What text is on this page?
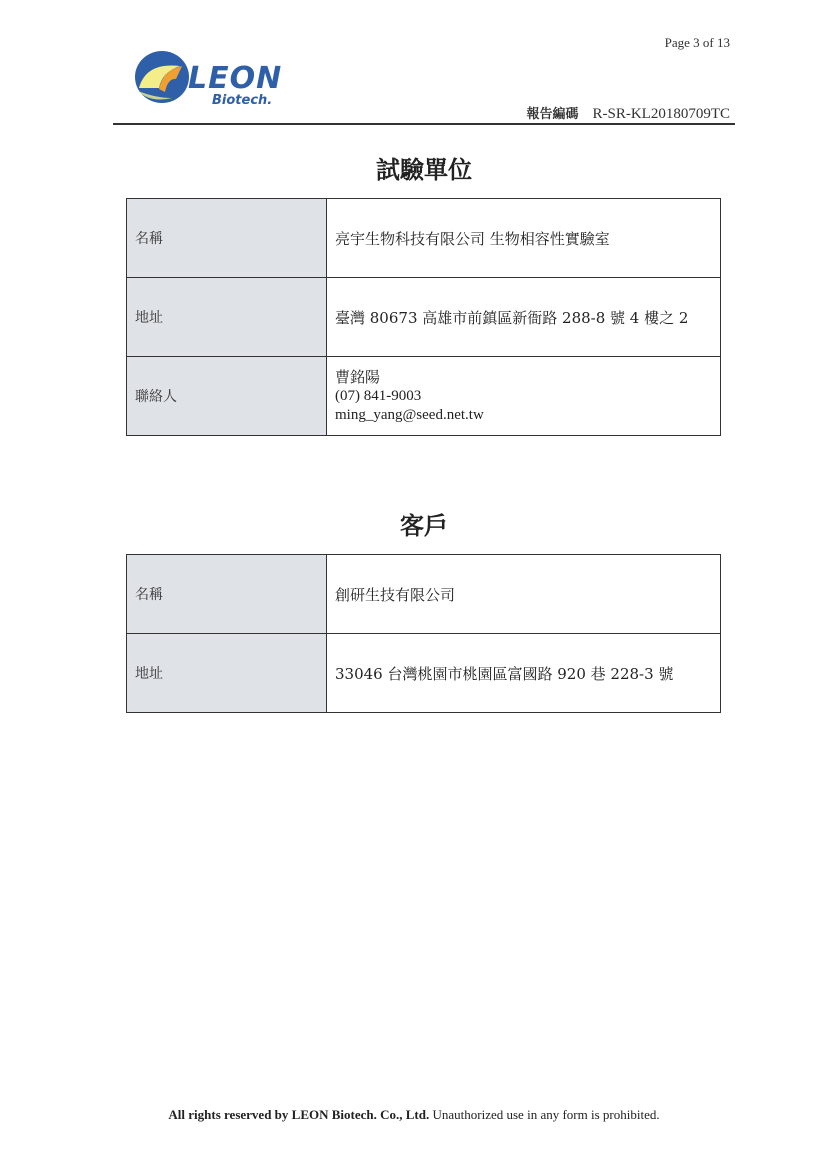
Page 3 of 13
LEON
Biotech.
報告編碼 R-SR-KL20180709TC
試驗單位
名稱	亮宇生物科技有限公司 生物相容性實驗室
地址	臺灣 80673 高雄市前鎮區新衙路 288-8 號 4 樓之 2
聯絡人	曹銘陽
(07) 841-9003
ming_yang@seed.net.tw
客戶
名稱	創研生技有限公司
地址	33046 台灣桃園市桃園區富國路 920 巷 228-3 號
All rights reserved by LEON Biotech. Co., Ltd. Unauthorized use in any form is prohibited.
